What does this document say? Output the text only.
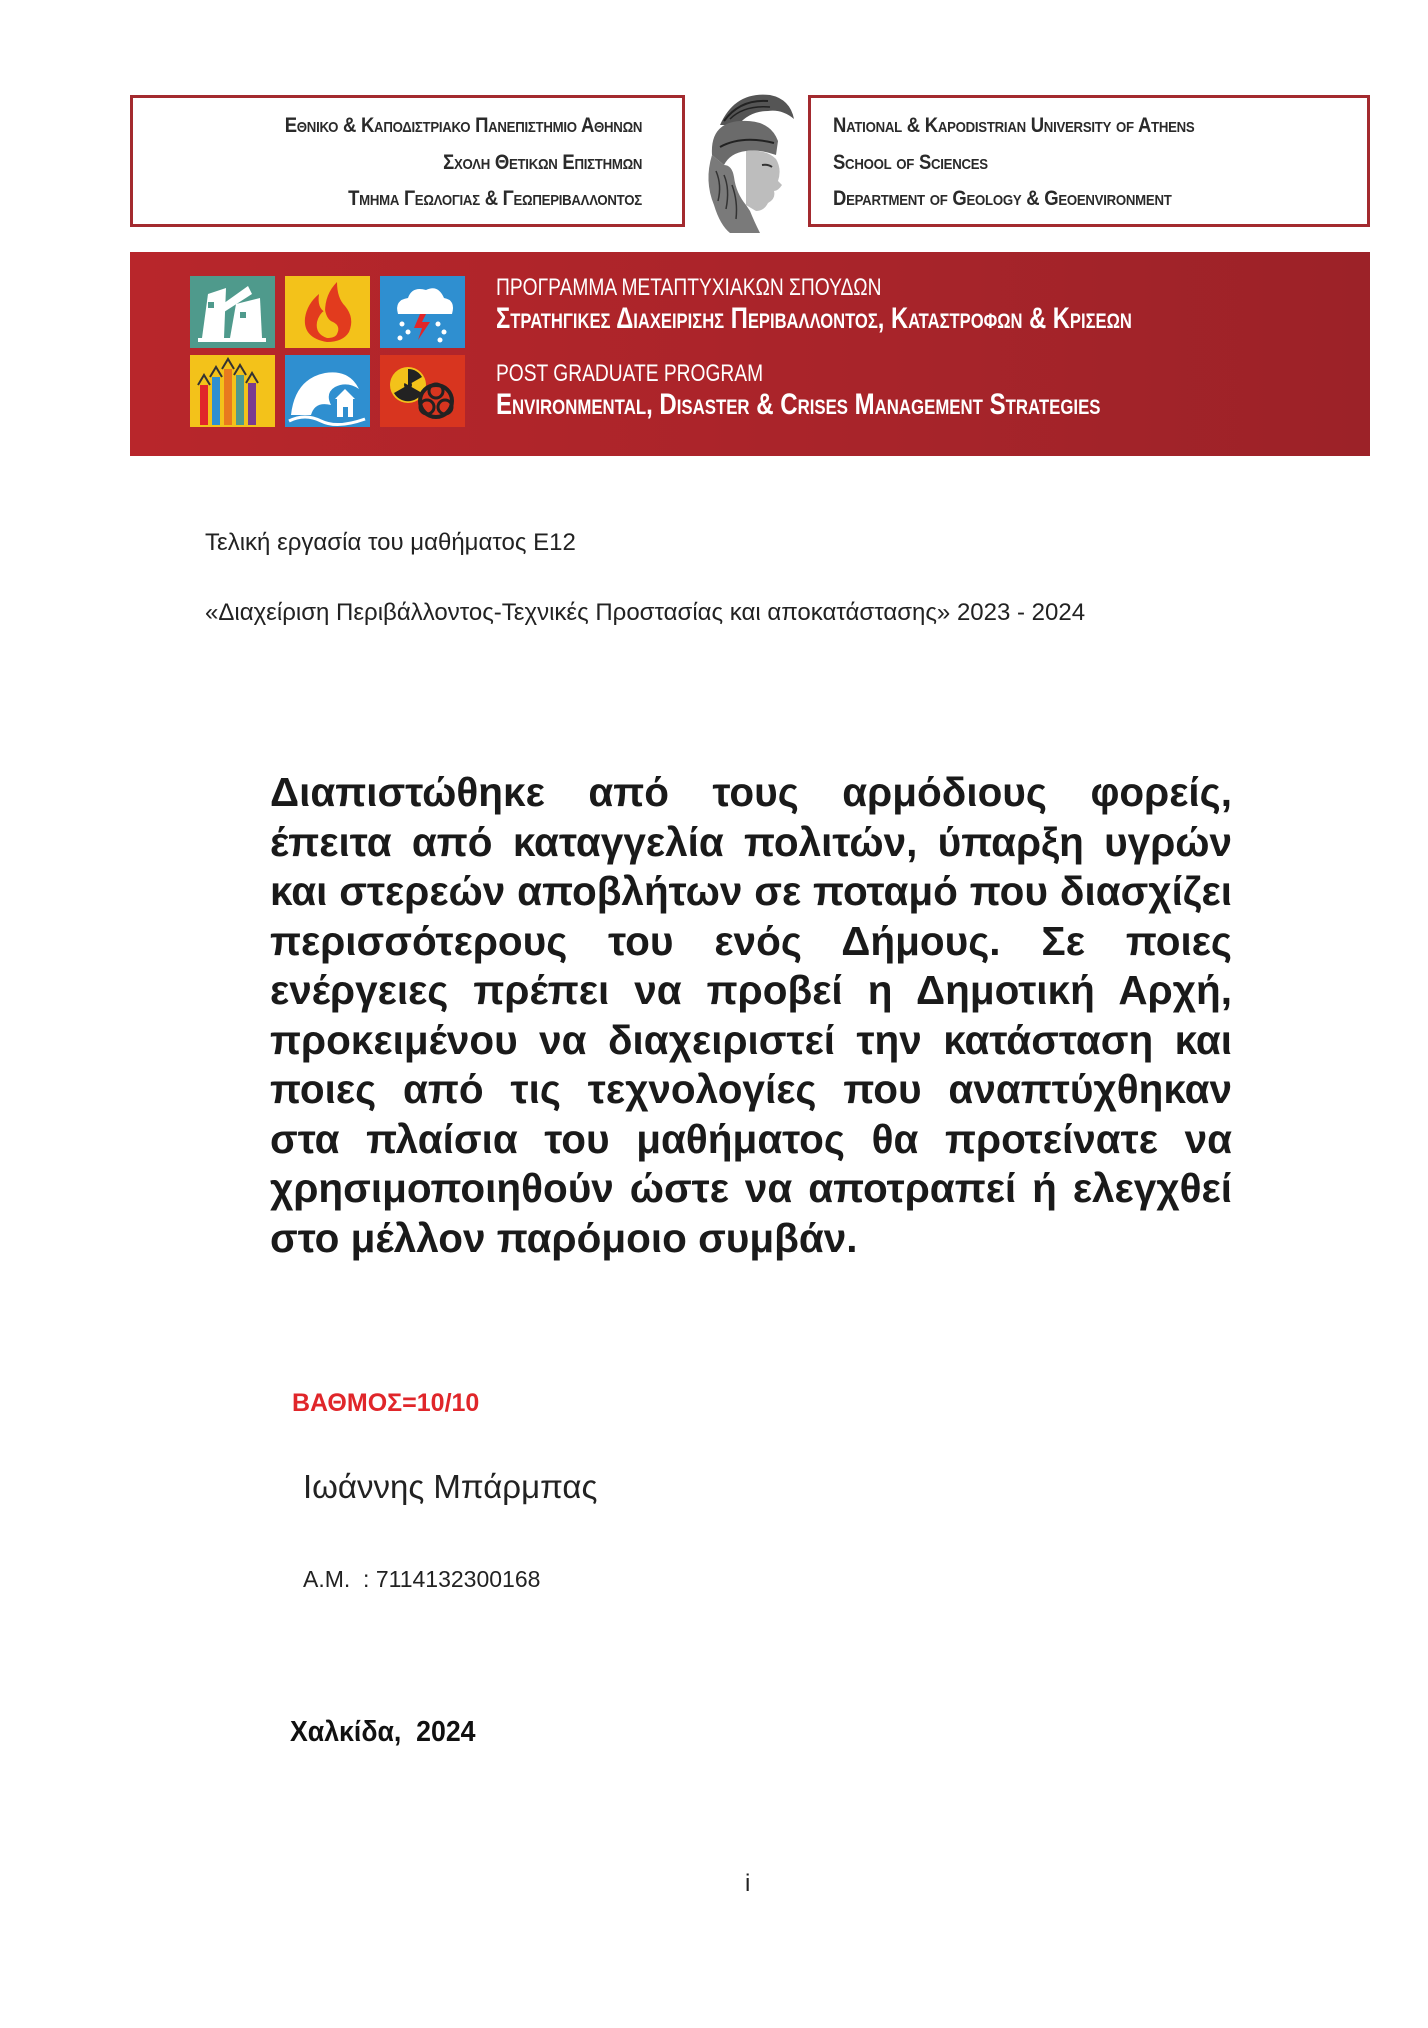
Εθνικο & Καποδιστριακο Πανεπιστημιο Αθηνων
Σχολη Θετικων Επιστημων
Τμημα Γεωλογιας & Γεωπεριβαλλοντος
National & Kapodistrian University of Athens
School of Sciences
Department of Geology & Geoenvironment
ΠΡΟΓΡΑΜΜΑ ΜΕΤΑΠΤΥΧΙΑΚΩΝ ΣΠΟΥΔΩΝ
Στρατηγικες Διαχειρισης Περιβαλλοντος, Καταστροφων & Κρισεων
POST GRADUATE PROGRAM
Environmental, Disaster & Crises Management Strategies
Τελική εργασία του μαθήματος Ε12
«Διαχείριση Περιβάλλοντος-Τεχνικές Προστασίας και αποκατάστασης» 2023 - 2024
Διαπιστώθηκε από τους αρμόδιους φορείς, έπειτα από καταγγελία πολιτών, ύπαρξη υγρών και στερεών αποβλήτων σε ποταμό που διασχίζει περισσότερους του ενός Δήμους. Σε ποιες ενέργειες πρέπει να προβεί η Δημοτική Αρχή, προκειμένου να διαχειριστεί την κατάσταση και ποιες από τις τεχνολογίες που αναπτύχθηκαν στα πλαίσια του μαθήματος θα προτείνατε να χρησιμοποιηθούν ώστε να αποτραπεί ή ελεγχθεί στο μέλλον παρόμοιο συμβάν.
ΒΑΘΜΟΣ=10/10
Ιωάννης Μπάρμπας
Α.Μ.  : 7114132300168
Χαλκίδα,  2024
i
